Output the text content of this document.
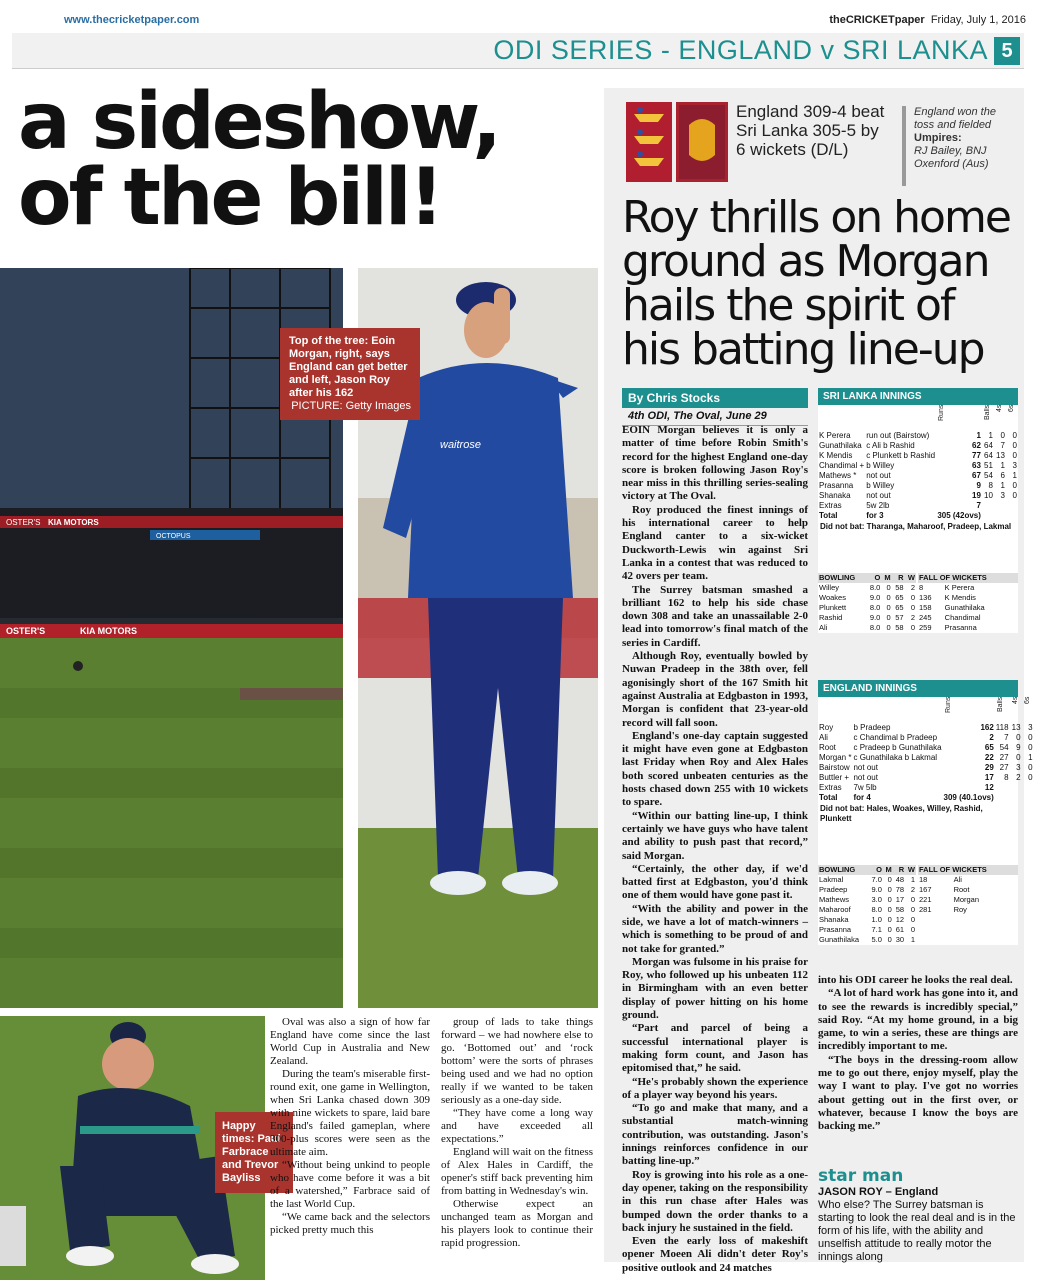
www.thecricketpaper.com	theCRICKETpaper Friday, July 1, 2016
ODI SERIES - ENGLAND v SRI LANKA 5
a sideshow, of the bill!
OSTER'S KIA MOTORS
OCTOPUS
OSTER'S	KIA MOTORS
waitrose
Top of the tree: Eoin Morgan, right, says England can get better and left, Jason Roy after his 162
PICTURE: Getty Images
Happy times: Paul Farbrace and Trevor Bayliss

Oval was also a sign of how far England have come since the last World Cup in Australia and New Zealand.

During the team's miserable first-round exit, one game in Wellington, when Sri Lanka chased down 309 with nine wickets to spare, laid bare England's failed gameplan, where 300-plus scores were seen as the ultimate aim.

“Without being unkind to people who have come before it was a bit of a watershed,” Farbrace said of the last World Cup.

“We came back and the selectors picked pretty much this

group of lads to take things forward – we had nowhere else to go. ‘Bottomed out’ and ‘rock bottom’ were the sorts of phrases being used and we had no option really if we wanted to be taken seriously as a one-day side.

“They have come a long way and have exceeded all expectations.”

England will wait on the fitness of Alex Hales in Cardiff, the opener's stiff back preventing him from batting in Wednesday's win.

Otherwise expect an unchanged team as Morgan and his players look to continue their rapid progression.

England 309-4 beat Sri Lanka 305-5 by 6 wickets (D/L)
England won the toss and fielded
Umpires:
RJ Bailey, BNJ Oxenford (Aus)
Roy thrills on home ground as Morgan hails the spirit of his batting line-up
By Chris Stocks
4th ODI, The Oval, June 29

EOIN Morgan believes it is only a matter of time before Robin Smith's record for the highest England one-day score is broken following Jason Roy's near miss in this thrilling series-sealing victory at The Oval.

Roy produced the finest innings of his international career to help England canter to a six-wicket Duckworth-Lewis win against Sri Lanka in a contest that was reduced to 42 overs per team.

The Surrey batsman smashed a brilliant 162 to help his side chase down 308 and take an unassailable 2-0 lead into tomorrow's final match of the series in Cardiff.

Although Roy, eventually bowled by Nuwan Pradeep in the 38th over, fell agonisingly short of the 167 Smith hit against Australia at Edgbaston in 1993, Morgan is confident that 23-year-old record will fall soon.

England's one-day captain suggested it might have even gone at Edgbaston last Friday when Roy and Alex Hales both scored unbeaten centuries as the hosts chased down 255 with 10 wickets to spare.

“Within our batting line-up, I think certainly we have guys who have talent and ability to push past that record,” said Morgan.

“Certainly, the other day, if we'd batted first at Edgbaston, you'd think one of them would have gone past it.

“With the ability and power in the side, we have a lot of match-winners – which is something to be proud of and not take for granted.”

Morgan was fulsome in his praise for Roy, who followed up his unbeaten 112 in Birmingham with an even better display of power hitting on his home ground.

“Part and parcel of being a successful international player is making form count, and Jason has epitomised that,” he said.

“He's probably shown the experience of a player way beyond his years.

“To go and make that many, and a substantial match-winning contribution, was outstanding. Jason's innings reinforces confidence in our batting line-up.”

Roy is growing into his role as a one-day opener, taking on the responsibility in this run chase after Hales was bumped down the order thanks to a back injury he sustained in the field.

Even the early loss of makeshift opener Moeen Ali didn't deter Roy's positive outlook and 24 matches

SRI LANKA INNINGS

		Runs	Balls	4s	6s

K Perera	run out (Bairstow)	1	1	0	0
Gunathilaka	c Ali b Rashid	62	64	7	0
K Mendis	c Plunkett b Rashid	77	64	13	0
Chandimal +	b Willey	63	51	1	3
Mathews *	not out	67	54	6	1
Prasanna	b Willey	9	8	1	0
Shanaka	not out	19	10	3	0
Extras	5w 2lb	7			
Total	for 3	305 (42ovs)			
Did not bat: Tharanga, Maharoof, Pradeep, Lakmal
BOWLING	O	M	R	W
Willey	8.0	0	58	2
Woakes	9.0	0	65	0
Plunkett	8.0	0	65	0
Rashid	9.0	0	57	2
Ali	8.0	0	58	0
FALL OF WICKETS	
8	K Perera
136	K Mendis
158	Gunathilaka
245	Chandimal
259	Prasanna
ENGLAND INNINGS

		Runs	Balls	4s	6s

Roy	b Pradeep	162	118	13	3
Ali	c Chandimal b Pradeep	2	7	0	0
Root	c Pradeep b Gunathilaka	65	54	9	0
Morgan *	c Gunathilaka b Lakmal	22	27	0	1
Bairstow	not out	29	27	3	0
Buttler +	not out	17	8	2	0
Extras	7w 5lb	12			
Total	for 4	309 (40.1ovs)			
Did not bat: Hales, Woakes, Willey, Rashid, Plunkett
BOWLING	O	M	R	W
Lakmal	7.0	0	48	1
Pradeep	9.0	0	78	2
Mathews	3.0	0	17	0
Maharoof	8.0	0	58	0
Shanaka	1.0	0	12	0
Prasanna	7.1	0	61	0
Gunathilaka	5.0	0	30	1
FALL OF WICKETS	
18	Ali
167	Root
221	Morgan
281	Roy

into his ODI career he looks the real deal.

“A lot of hard work has gone into it, and to see the rewards is incredibly special,” said Roy. “At my home ground, in a big game, to win a series, these are things are incredibly important to me.

“The boys in the dressing-room allow me to go out there, enjoy myself, play the way I want to play. I've got no worries about getting out in the first over, or whatever, because I know the boys are backing me.”

star man
JASON ROY – England
Who else? The Surrey batsman is starting to look the real deal and is in the form of his life, with the ability and unselfish attitude to really motor the innings along
